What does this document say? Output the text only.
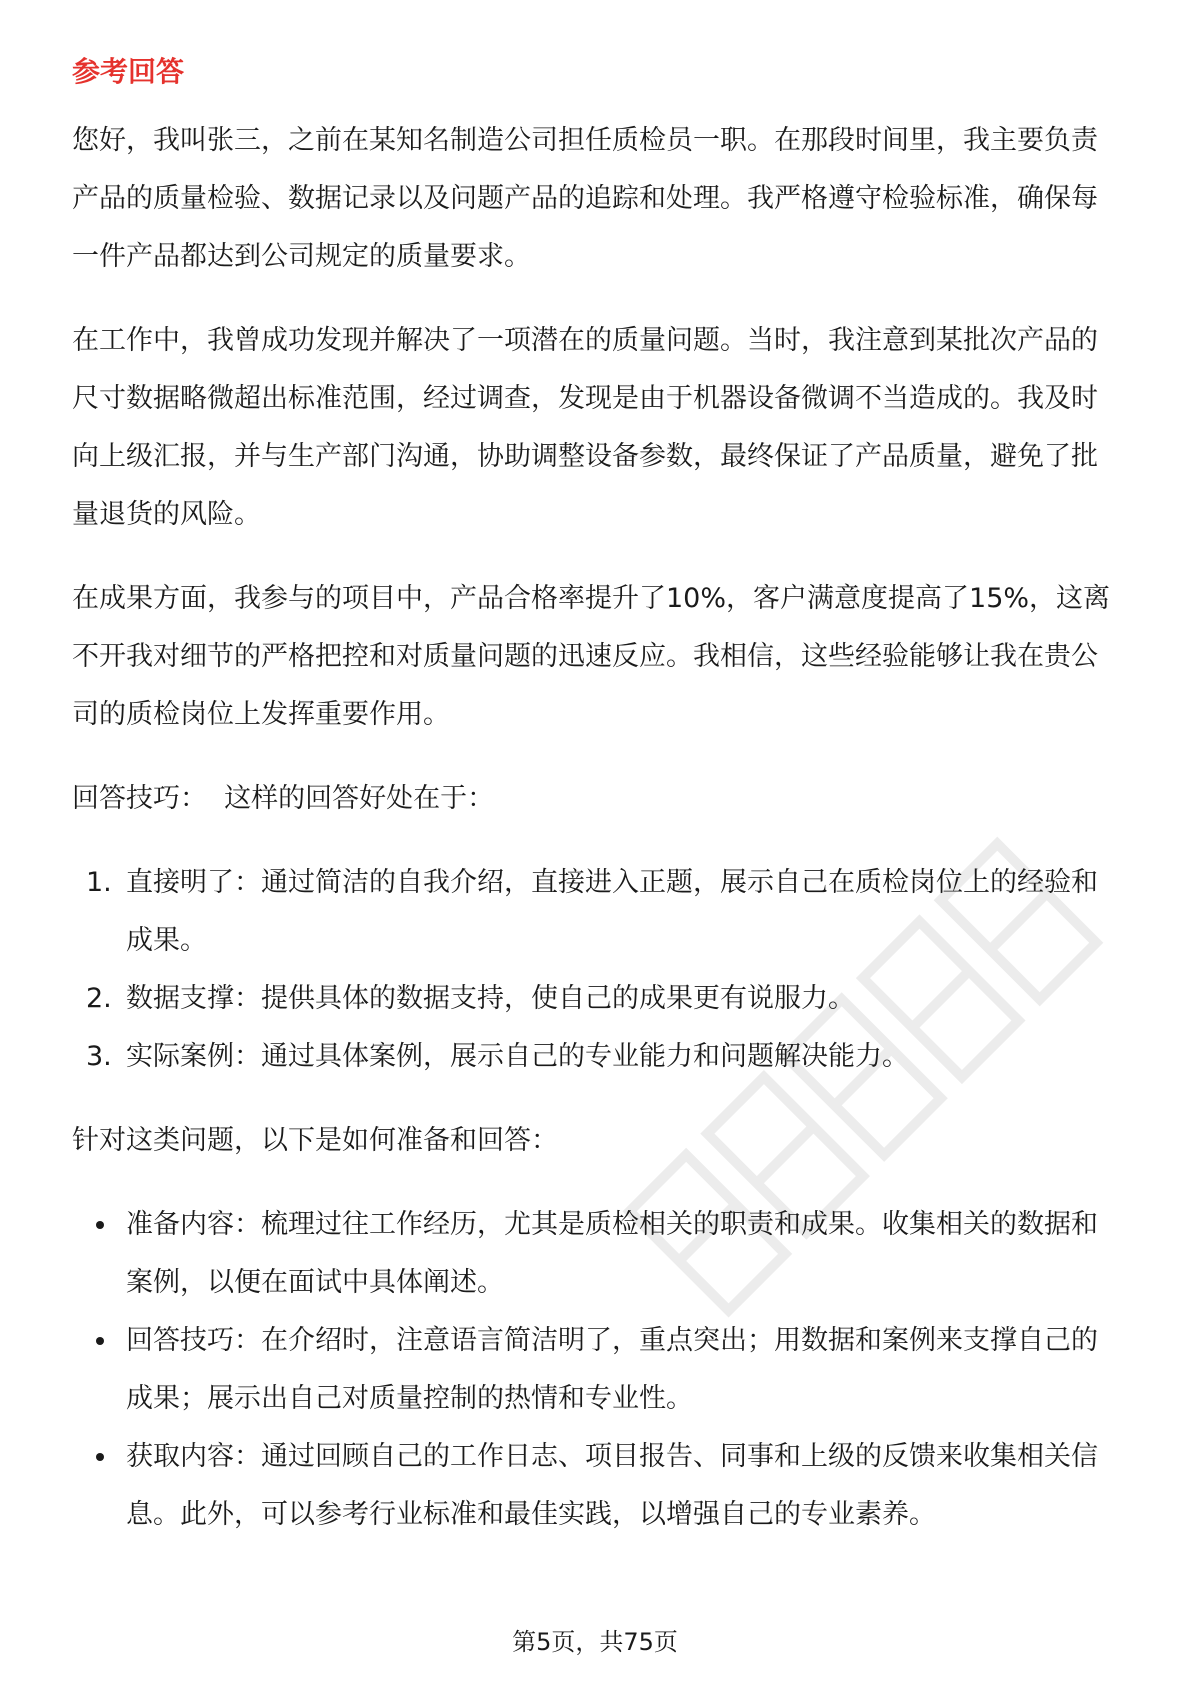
参考回答

您好，我叫张三，之前在某知名制造公司担任质检员一职。在那段时间里，我主要负责产品的质量检验、数据记录以及问题产品的追踪和处理。我严格遵守检验标准，确保每一件产品都达到公司规定的质量要求。

在工作中，我曾成功发现并解决了一项潜在的质量问题。当时，我注意到某批次产品的尺寸数据略微超出标准范围，经过调查，发现是由于机器设备微调不当造成的。我及时向上级汇报，并与生产部门沟通，协助调整设备参数，最终保证了产品质量，避免了批量退货的风险。

在成果方面，我参与的项目中，产品合格率提升了10%，客户满意度提高了15%，这离不开我对细节的严格把控和对质量问题的迅速反应。我相信，这些经验能够让我在贵公司的质检岗位上发挥重要作用。

回答技巧：  这样的回答好处在于：

1. 直接明了：通过简洁的自我介绍，直接进入正题，展示自己在质检岗位上的经验和成果。
2. 数据支撑：提供具体的数据支持，使自己的成果更有说服力。
3. 实际案例：通过具体案例，展示自己的专业能力和问题解决能力。

针对这类问题，以下是如何准备和回答：

准备内容：梳理过往工作经历，尤其是质检相关的职责和成果。收集相关的数据和案例，以便在面试中具体阐述。
回答技巧：在介绍时，注意语言简洁明了，重点突出；用数据和案例来支撑自己的成果；展示出自己对质量控制的热情和专业性。
获取内容：通过回顾自己的工作日志、项目报告、同事和上级的反馈来收集相关信息。此外，可以参考行业标准和最佳实践，以增强自己的专业素养。
第5页，共75页
